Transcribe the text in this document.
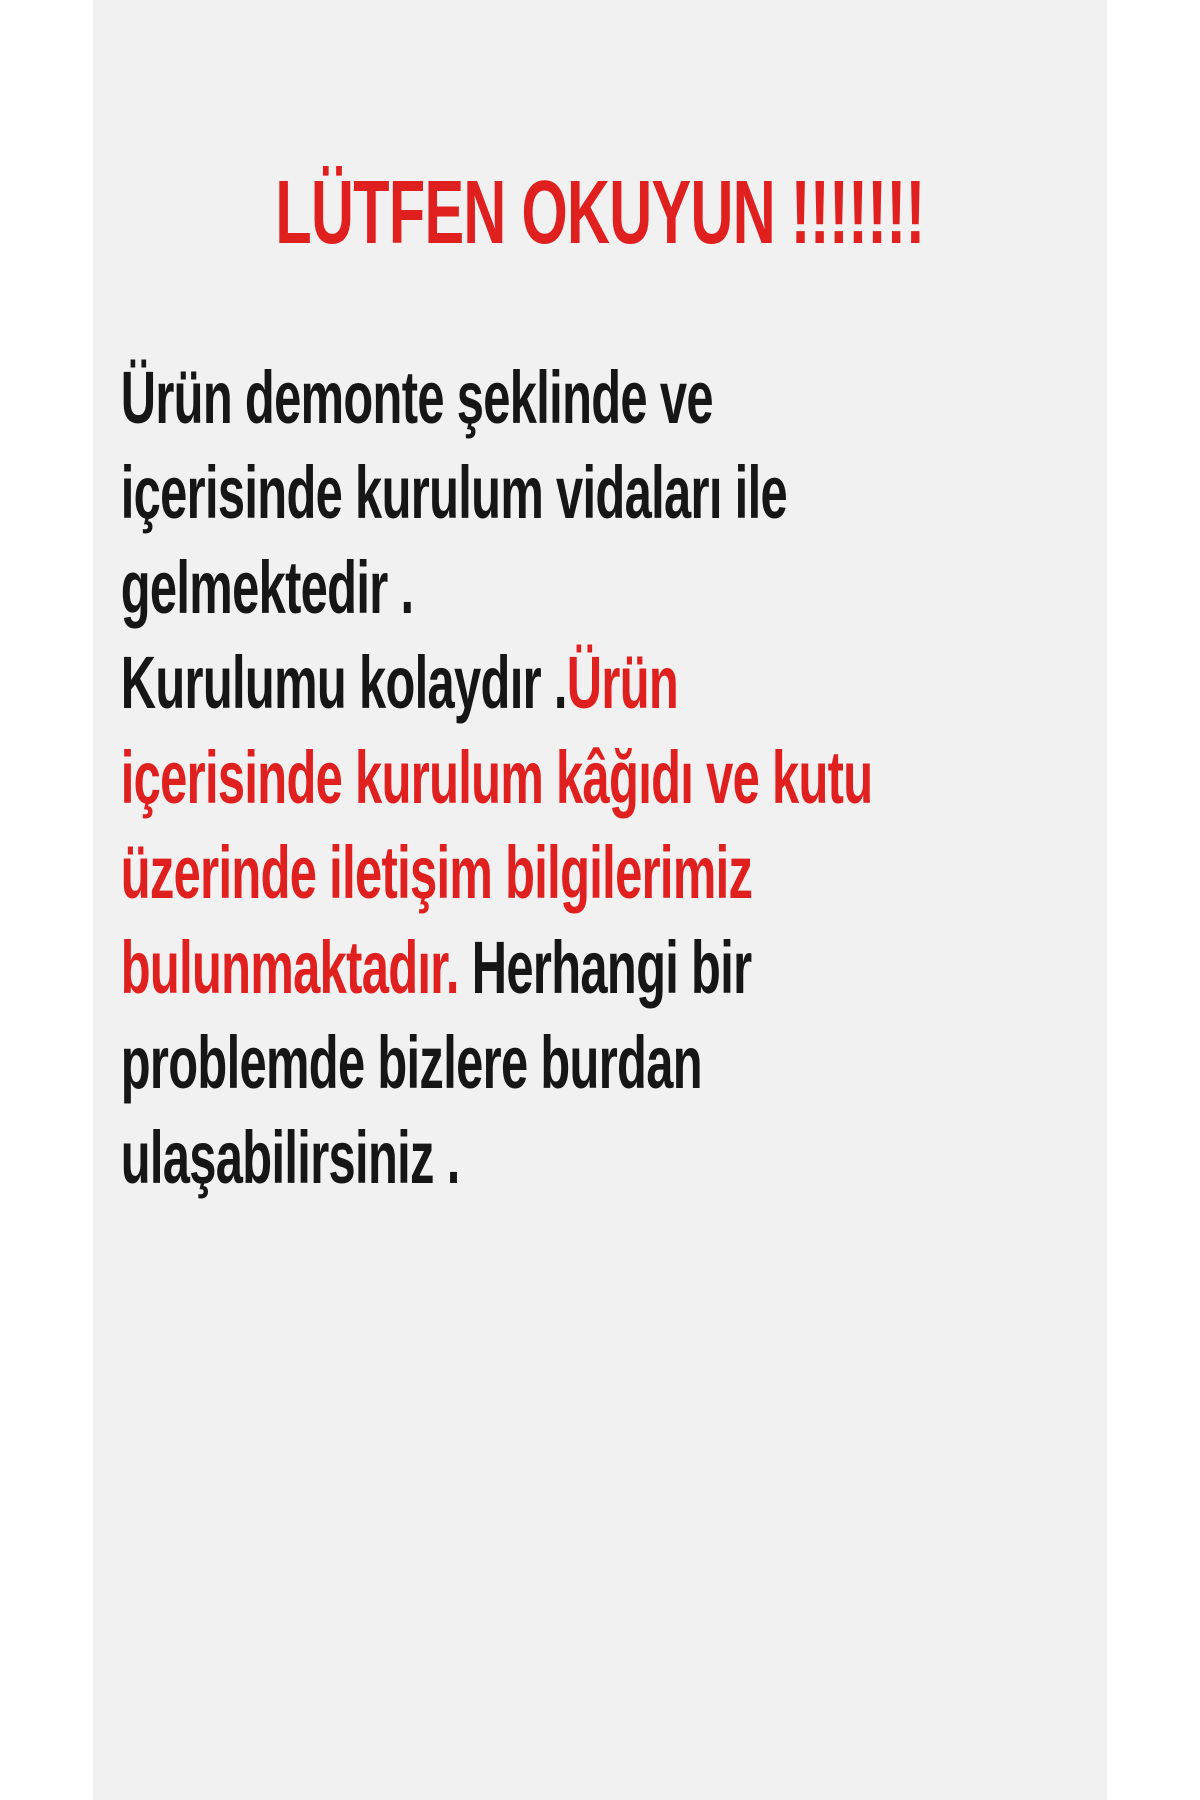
LÜTFEN OKUYUN !!!!!!!
Ürün demonte şeklinde ve
içerisinde kurulum vidaları ile
gelmektedir .
Kurulumu kolaydır .Ürün
içerisinde kurulum kâğıdı ve kutu
üzerinde iletişim bilgilerimiz
bulunmaktadır. Herhangi bir
problemde bizlere burdan
ulaşabilirsiniz .
